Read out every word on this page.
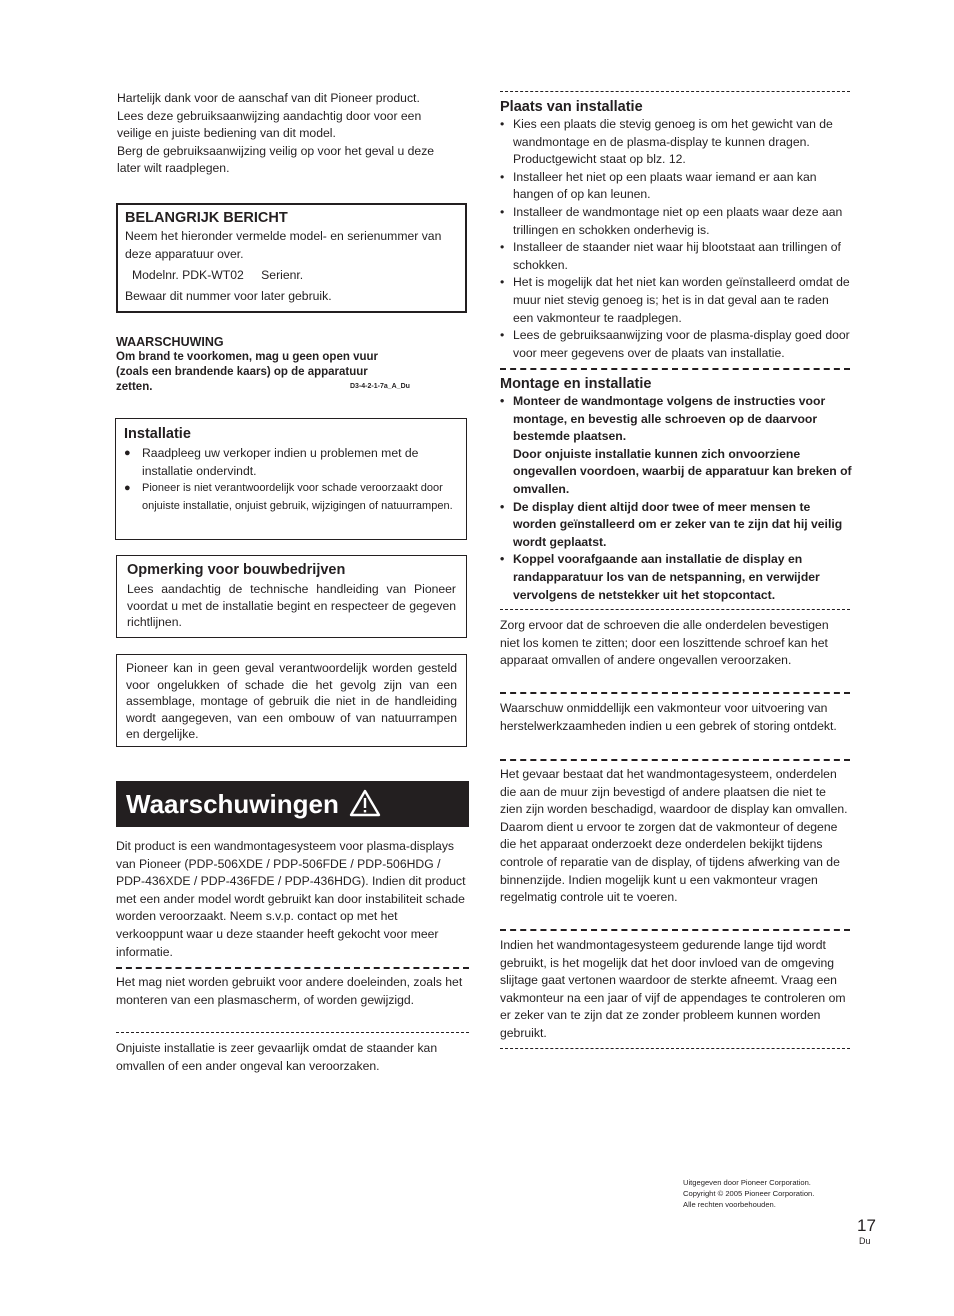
Hartelijk dank voor de aanschaf van dit Pioneer product.

Lees deze gebruiksaanwijzing aandachtig door voor een

veilige en juiste bediening van dit model.

Berg de gebruiksaanwijzing veilig op voor het geval u deze

later wilt raadplegen.

BELANGRIJK BERICHT

Neem het hieronder vermelde model- en serienummer van deze apparatuur over.

Modelnr. PDK-WT02 Serienr.

Bewaar dit nummer voor later gebruik.

WAARSCHUWING

Om brand te voorkomen, mag u geen open vuur (zoals een brandende kaars) op de apparatuur zetten.	D3-4-2-1-7a_A_Du
Installatie
● Raadpleeg uw verkoper indien u problemen met de installatie ondervindt.
● Pioneer is niet verantwoordelijk voor schade veroorzaakt door onjuiste installatie, onjuist gebruik, wijzigingen of natuurrampen.
Opmerking voor bouwbedrijven

Lees aandachtig de technische handleiding van Pioneer voordat u met de installatie begint en respecteer de gegeven richtlijnen.

Pioneer kan in geen geval verantwoordelijk worden gesteld voor ongelukken of schade die het gevolg zijn van een assemblage, montage of gebruik die niet in de handleiding wordt aangegeven, van een ombouw of van natuurrampen en dergelijke.

Waarschuwingen

Dit product is een wandmontagesysteem voor plasma-displays van Pioneer (PDP-506XDE / PDP-506FDE / PDP-506HDG / PDP-436XDE / PDP-436FDE / PDP-436HDG). Indien dit product met een ander model wordt gebruikt kan door instabiliteit schade worden veroorzaakt. Neem s.v.p. contact op met het verkooppunt waar u deze staander heeft gekocht voor meer informatie.

Het mag niet worden gebruikt voor andere doeleinden, zoals het monteren van een plasmascherm, of worden gewijzigd.

Onjuiste installatie is zeer gevaarlijk omdat de staander kan omvallen of een ander ongeval kan veroorzaken.

Plaats van installatie
• Kies een plaats die stevig genoeg is om het gewicht van de wandmontage en de plasma-display te kunnen dragen. Productgewicht staat op blz. 12.
• Installeer het niet op een plaats waar iemand er aan kan hangen of op kan leunen.
• Installeer de wandmontage niet op een plaats waar deze aan trillingen en schokken onderhevig is.
• Installeer de staander niet waar hij blootstaat aan trillingen of schokken.
• Het is mogelijk dat het niet kan worden geïnstalleerd omdat de muur niet stevig genoeg is; het is in dat geval aan te raden een vakmonteur te raadplegen.
• Lees de gebruiksaanwijzing voor de plasma-display goed door voor meer gegevens over de plaats van installatie.
Montage en installatie
• Monteer de wandmontage volgens de instructies voor montage, en bevestig alle schroeven op de daarvoor bestemde plaatsen.
Door onjuiste installatie kunnen zich onvoorziene ongevallen voordoen, waarbij de apparatuur kan breken of omvallen.
• De display dient altijd door twee of meer mensen te worden geïnstalleerd om er zeker van te zijn dat hij veilig wordt geplaatst.
• Koppel voorafgaande aan installatie de display en randapparatuur los van de netspanning, en verwijder vervolgens de netstekker uit het stopcontact.

Zorg ervoor dat de schroeven die alle onderdelen bevestigen niet los komen te zitten; door een loszittende schroef kan het apparaat omvallen of andere ongevallen veroorzaken.

Waarschuw onmiddellijk een vakmonteur voor uitvoering van herstelwerkzaamheden indien u een gebrek of storing ontdekt.

Het gevaar bestaat dat het wandmontagesysteem, onderdelen die aan de muur zijn bevestigd of andere plaatsen die niet te zien zijn worden beschadigd, waardoor de display kan omvallen. Daarom dient u ervoor te zorgen dat de vakmonteur of degene die het apparaat onderzoekt deze onderdelen bekijkt tijdens controle of reparatie van de display, of tijdens afwerking van de binnenzijde. Indien mogelijk kunt u een vakmonteur vragen regelmatig controle uit te voeren.

Indien het wandmontagesysteem gedurende lange tijd wordt gebruikt, is het mogelijk dat het door invloed van de omgeving slijtage gaat vertonen waardoor de sterkte afneemt. Vraag een vakmonteur na een jaar of vijf de appendages te controleren om er zeker van te zijn dat ze zonder probleem kunnen worden gebruikt.

Uitgegeven door Pioneer Corporation.
Copyright © 2005 Pioneer Corporation.
Alle rechten voorbehouden.
17
Du
